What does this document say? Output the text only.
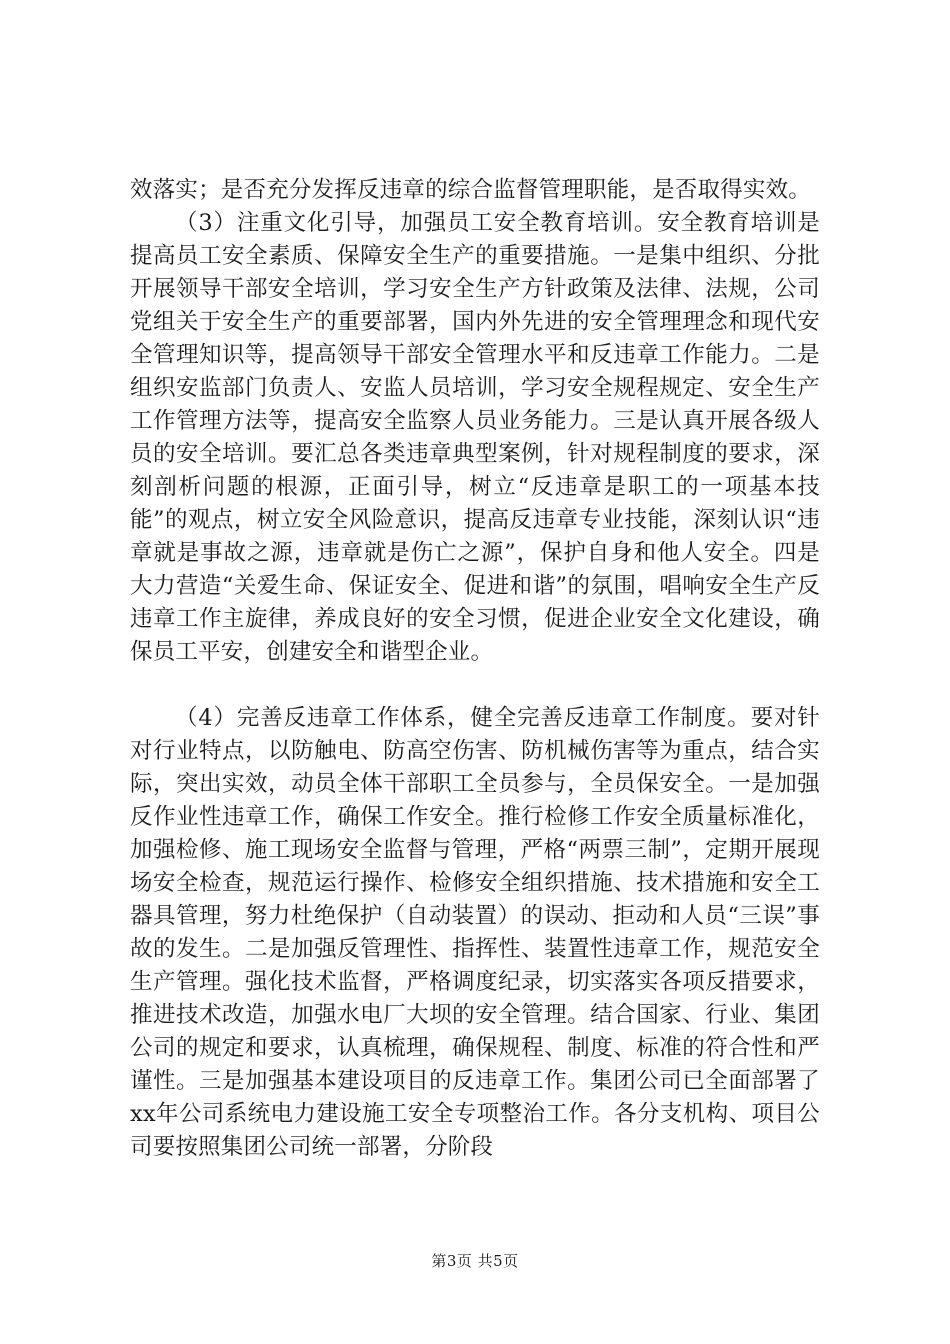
效落实；是否充分发挥反违章的综合监督管理职能，是否取得实效。

（3）注重文化引导，加强员工安全教育培训。安全教育培训是提高员工安全素质、保障安全生产的重要措施。一是集中组织、分批开展领导干部安全培训，学习安全生产方针政策及法律、法规，公司党组关于安全生产的重要部署，国内外先进的安全管理理念和现代安全管理知识等，提高领导干部安全管理水平和反违章工作能力。二是组织安监部门负责人、安监人员培训，学习安全规程规定、安全生产工作管理方法等，提高安全监察人员业务能力。三是认真开展各级人员的安全培训。要汇总各类违章典型案例，针对规程制度的要求，深刻剖析问题的根源，正面引导，树立“反违章是职工的一项基本技能”的观点，树立安全风险意识，提高反违章专业技能，深刻认识“违章就是事故之源，违章就是伤亡之源”，保护自身和他人安全。四是大力营造“关爱生命、保证安全、促进和谐”的氛围，唱响安全生产反违章工作主旋律，养成良好的安全习惯，促进企业安全文化建设，确保员工平安，创建安全和谐型企业。

（4）完善反违章工作体系，健全完善反违章工作制度。要对针对行业特点，以防触电、防高空伤害、防机械伤害等为重点，结合实际，突出实效，动员全体干部职工全员参与，全员保安全。一是加强反作业性违章工作，确保工作安全。推行检修工作安全质量标准化，加强检修、施工现场安全监督与管理，严格“两票三制”，定期开展现场安全检查，规范运行操作、检修安全组织措施、技术措施和安全工器具管理，努力杜绝保护（自动装置）的误动、拒动和人员“三误”事故的发生。二是加强反管理性、指挥性、装置性违章工作，规范安全生产管理。强化技术监督，严格调度纪录，切实落实各项反措要求，推进技术改造，加强水电厂大坝的安全管理。结合国家、行业、集团公司的规定和要求，认真梳理，确保规程、制度、标准的符合性和严谨性。三是加强基本建设项目的反违章工作。集团公司已全面部署了xx年公司系统电力建设施工安全专项整治工作。各分支机构、项目公司要按照集团公司统一部署，分阶段

第3页 共5页
